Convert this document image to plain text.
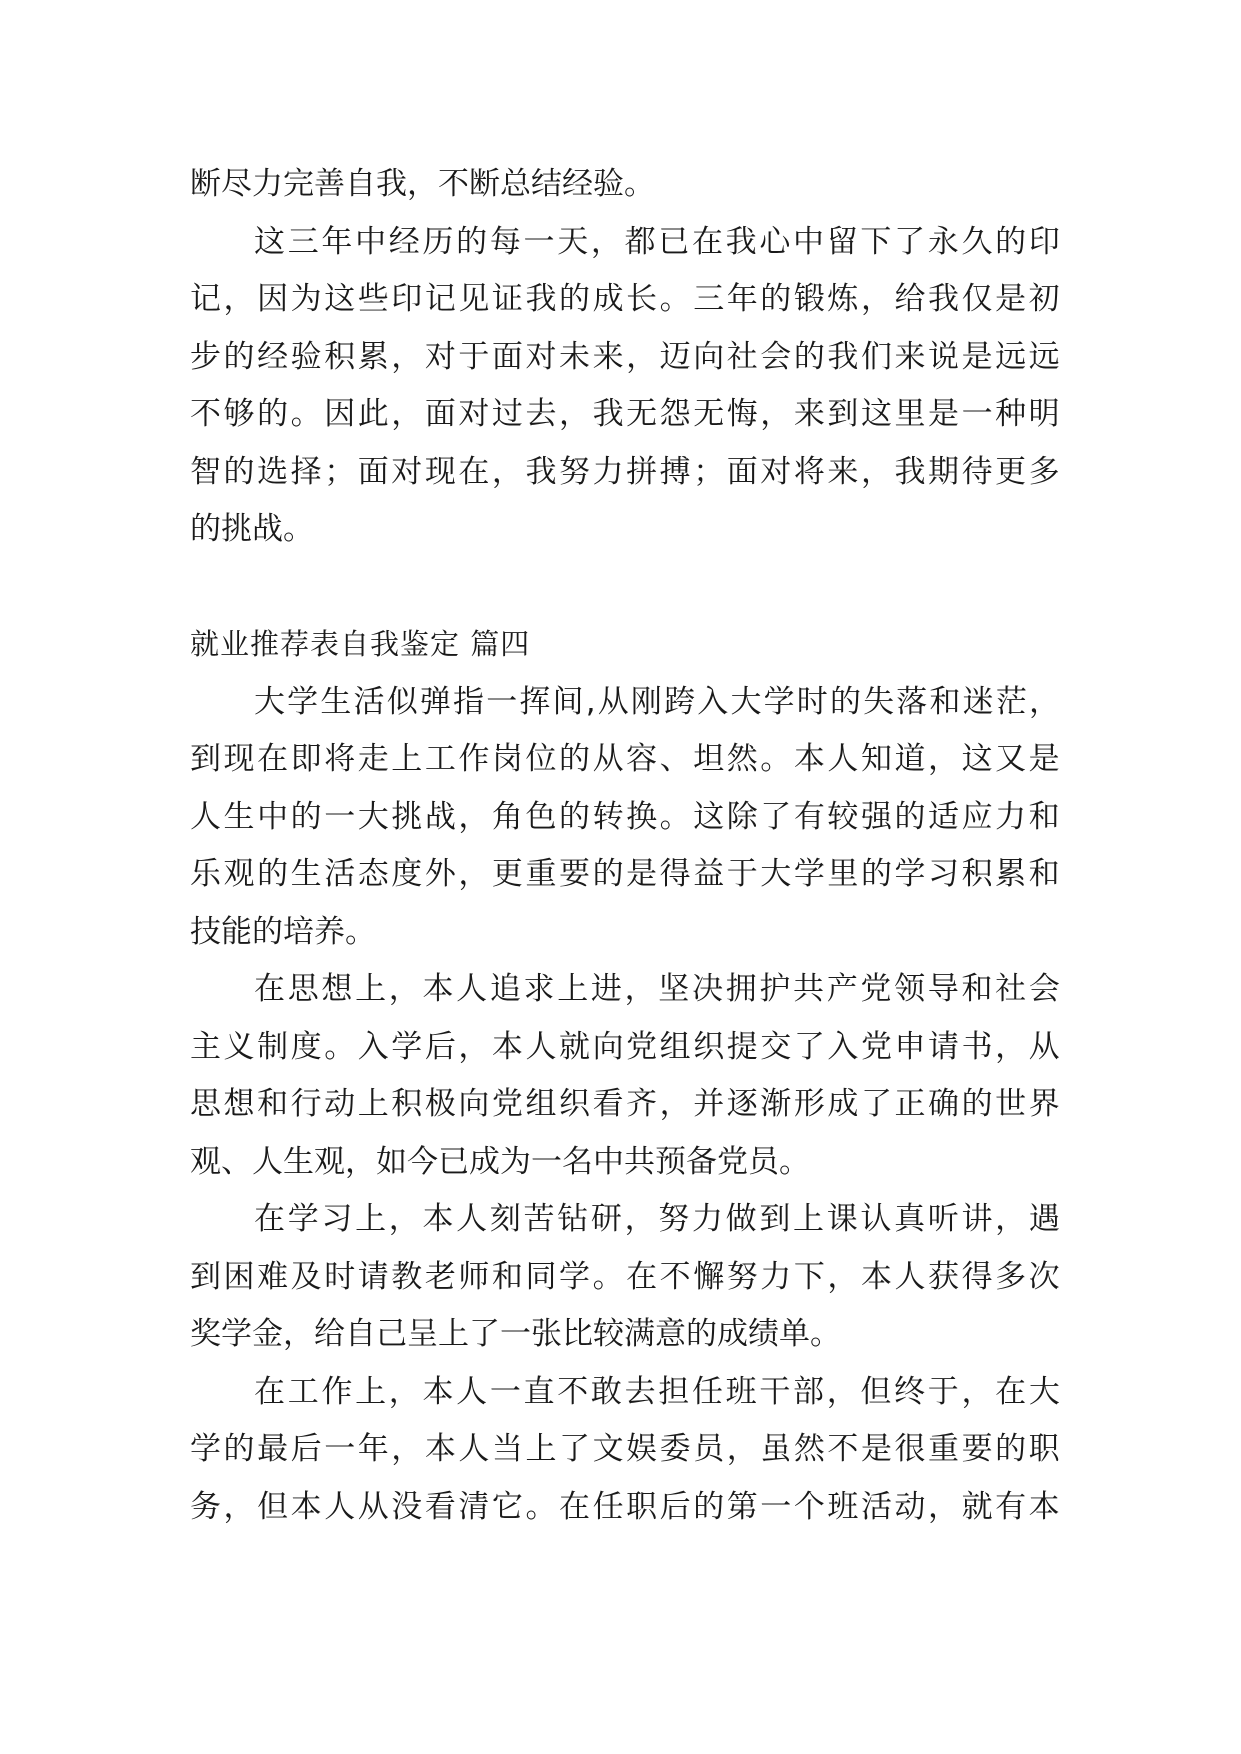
断尽力完善自我，不断总结经验。
这 三 年 中 经 历 的 每 一 天 ， 都 已 在 我 心 中 留 下 了 永 久 的 印
记 ， 因 为 这 些 印 记 见 证 我 的 成 长 。 三 年 的 锻 炼 ， 给 我 仅 是 初
步 的 经 验 积 累 ， 对 于 面 对 未 来 ， 迈 向 社 会 的 我 们 来 说 是 远 远
不 够 的 。 因 此 ， 面 对 过 去 ， 我 无 怨 无 悔 ， 来 到 这 里 是 一 种 明
智 的 选 择 ； 面 对 现 在 ， 我 努 力 拼 搏 ； 面 对 将 来 ， 我 期 待 更 多
的挑战。
就业推荐表自我鉴定 篇四
大 学 生 活 似 弹 指 一 挥 间 , 从 刚 跨 入 大 学 时 的 失 落 和 迷 茫 ，
到 现 在 即 将 走 上 工 作 岗 位 的 从 容 、 坦 然 。 本 人 知 道 ， 这 又 是
人 生 中 的 一 大 挑 战 ， 角 色 的 转 换 。 这 除 了 有 较 强 的 适 应 力 和
乐 观 的 生 活 态 度 外 ， 更 重 要 的 是 得 益 于 大 学 里 的 学 习 积 累 和
技能的培养。
在 思 想 上 ， 本 人 追 求 上 进 ， 坚 决 拥 护 共 产 党 领 导 和 社 会
主 义 制 度 。 入 学 后 ， 本 人 就 向 党 组 织 提 交 了 入 党 申 请 书 ， 从
思 想 和 行 动 上 积 极 向 党 组 织 看 齐 ， 并 逐 渐 形 成 了 正 确 的 世 界
观、人生观，如今已成为一名中共预备党员。
在 学 习 上 ， 本 人 刻 苦 钻 研 ， 努 力 做 到 上 课 认 真 听 讲 ， 遇
到 困 难 及 时 请 教 老 师 和 同 学 。 在 不 懈 努 力 下 ， 本 人 获 得 多 次
奖学金，给自己呈上了一张比较满意的成绩单。
在 工 作 上 ， 本 人 一 直 不 敢 去 担 任 班 干 部 ， 但 终 于 ， 在 大
学 的 最 后 一 年 ， 本 人 当 上 了 文 娱 委 员 ， 虽 然 不 是 很 重 要 的 职
务 ， 但 本 人 从 没 看 清 它 。 在 任 职 后 的 第 一 个 班 活 动 ， 就 有 本
